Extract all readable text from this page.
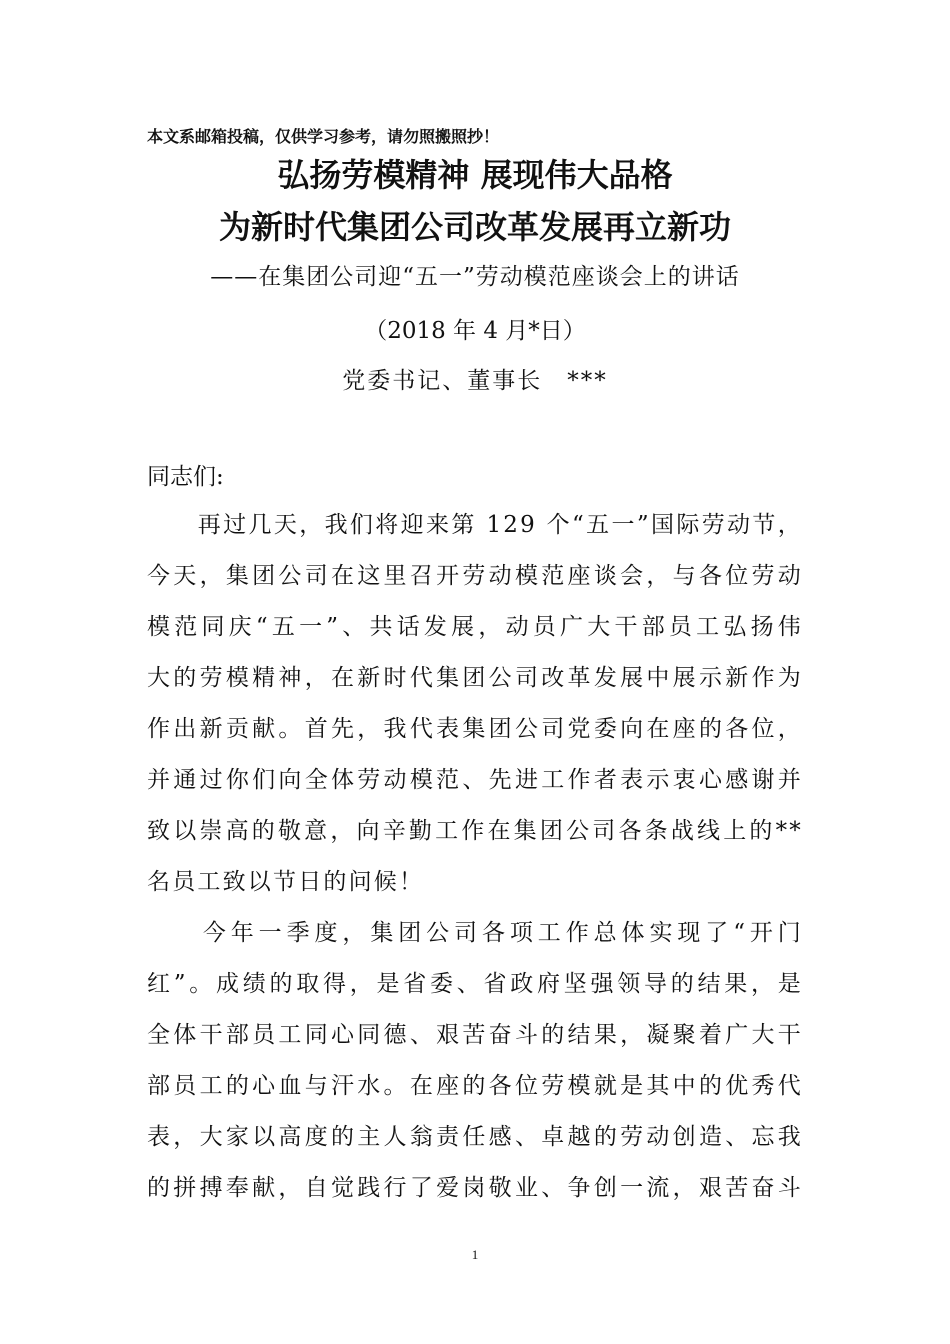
本文系邮箱投稿，仅供学习参考，请勿照搬照抄！
弘扬劳模精神 展现伟大品格
为新时代集团公司改革发展再立新功
——在集团公司迎“五一”劳动模范座谈会上的讲话
（2018 年 4 月*日）
党委书记、董事长　***
同志们:
　　再过几天，我们将迎来第 129 个“五一”国际劳动节，
今天，集团公司在这里召开劳动模范座谈会，与各位劳动
模范同庆“五一”、共话发展，动员广大干部员工弘扬伟
大的劳模精神，在新时代集团公司改革发展中展示新作为
作出新贡献。首先，我代表集团公司党委向在座的各位，
并通过你们向全体劳动模范、先进工作者表示衷心感谢并
致以崇高的敬意，向辛勤工作在集团公司各条战线上的**
名员工致以节日的问候！
　　今年一季度，集团公司各项工作总体实现了“开门
红”。成绩的取得，是省委、省政府坚强领导的结果，是
全体干部员工同心同德、艰苦奋斗的结果，凝聚着广大干
部员工的心血与汗水。在座的各位劳模就是其中的优秀代
表，大家以高度的主人翁责任感、卓越的劳动创造、忘我
的拼搏奉献，自觉践行了爱岗敬业、争创一流，艰苦奋斗
1
